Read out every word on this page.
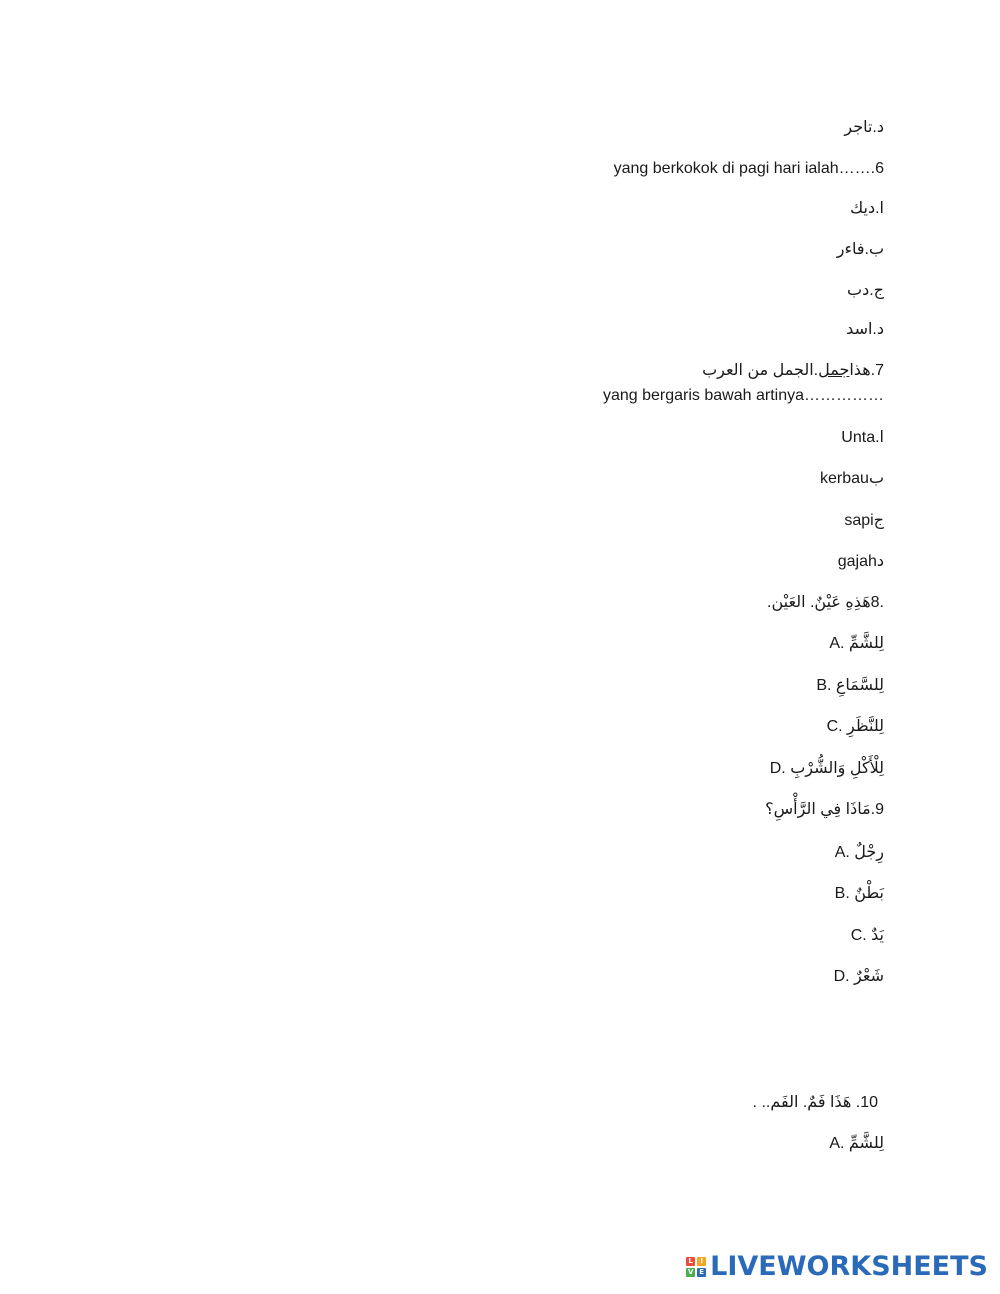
د.تاجر
yang berkokok di pagi hari ialah…….6
ا.ديك
ب.فاءر
ج.دب
د.اسد
7.هذاجمل.الجمل من العرب
yang bergaris bawah artinya……………
Unta.ا
kerbauب
sapiج
gajahد
.8هَذِهِ عَيْنٌ. العَيْن.
لِلشَّمِّ .A
لِلسَّمَاعِ .B
لِلنَّظَرِ .C
لِلْأَكْلِ وَالشُّرْبِ .D
9.مَاذَا فِي الرَّأْسِ؟
رِجْلٌ .A
بَطْنٌ .B
يَدٌ .C
شَعْرٌ .D
10. هَذَا فَمٌ. الفَم.. .
لِلشَّمِّ .A
L	I
V E LIVEWORKSHEETS
